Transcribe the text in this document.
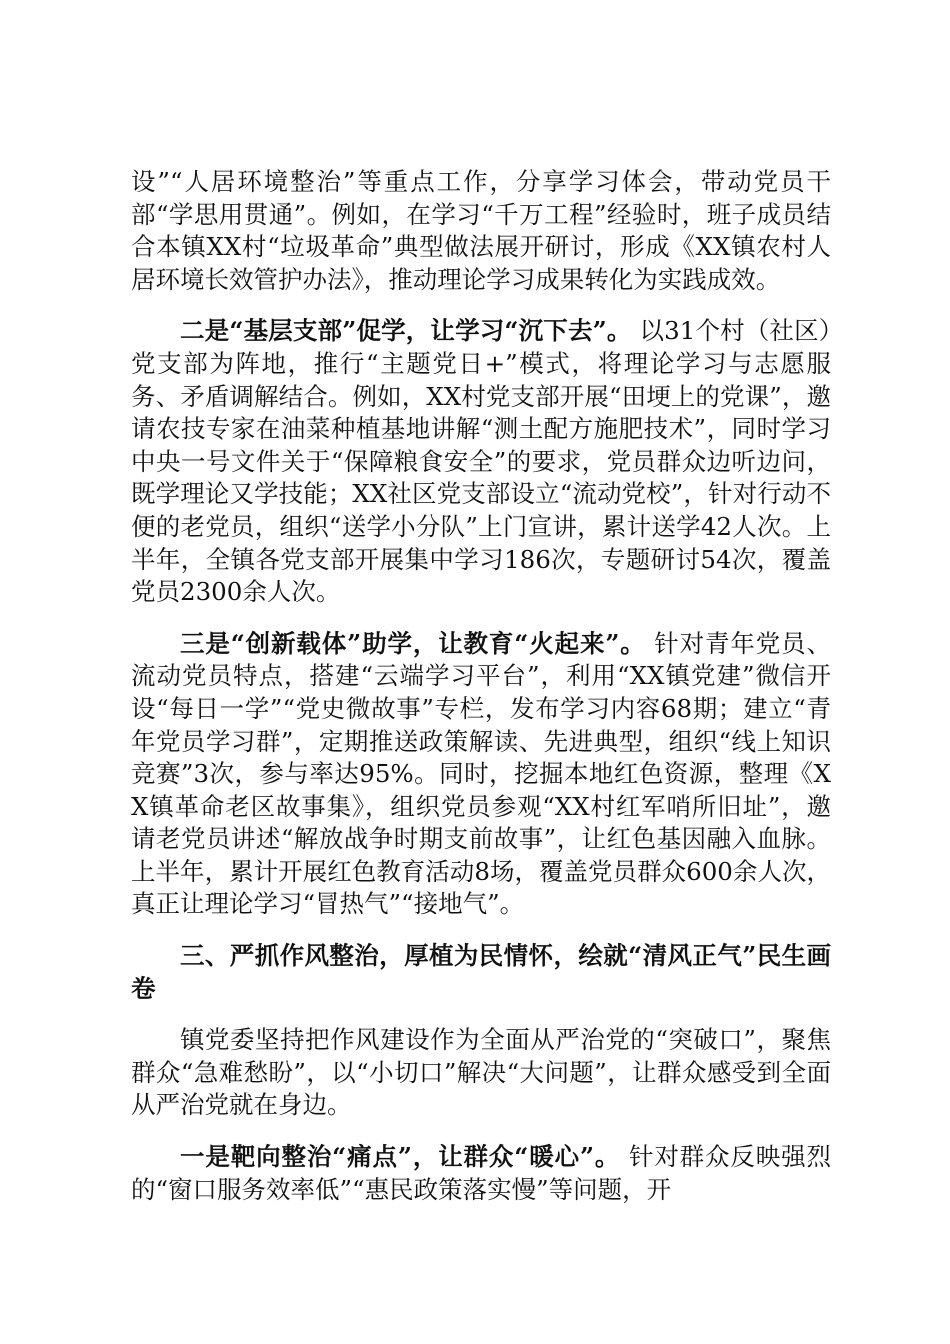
设”“人居环境整治”等重点工作，分享学习体会，带动党员干部“学思用贯通”。例如，在学习“千万工程”经验时，班子成员结合本镇XX村“垃圾革命”典型做法展开研讨，形成《XX镇农村人居环境长效管护办法》，推动理论学习成果转化为实践成效。

二是“基层支部”促学，让学习“沉下去”。 以31个村（社区）党支部为阵地，推行“主题党日+”模式，将理论学习与志愿服务、矛盾调解结合。例如，XX村党支部开展“田埂上的党课”，邀请农技专家在油菜种植基地讲解“测土配方施肥技术”，同时学习中央一号文件关于“保障粮食安全”的要求，党员群众边听边问，既学理论又学技能；XX社区党支部设立“流动党校”，针对行动不便的老党员，组织“送学小分队”上门宣讲，累计送学42人次。上半年，全镇各党支部开展集中学习186次，专题研讨54次，覆盖党员2300余人次。

三是“创新载体”助学，让教育“火起来”。 针对青年党员、流动党员特点，搭建“云端学习平台”，利用“XX镇党建”微信开设“每日一学”“党史微故事”专栏，发布学习内容68期；建立“青年党员学习群”，定期推送政策解读、先进典型，组织“线上知识竞赛”3次，参与率达95%。同时，挖掘本地红色资源，整理《XX镇革命老区故事集》，组织党员参观“XX村红军哨所旧址”，邀请老党员讲述“解放战争时期支前故事”，让红色基因融入血脉。上半年，累计开展红色教育活动8场，覆盖党员群众600余人次，真正让理论学习“冒热气”“接地气”。

三、严抓作风整治，厚植为民情怀，绘就“清风正气”民生画卷

镇党委坚持把作风建设作为全面从严治党的“突破口”，聚焦群众“急难愁盼”，以“小切口”解决“大问题”，让群众感受到全面从严治党就在身边。

一是靶向整治“痛点”，让群众“暖心”。 针对群众反映强烈的“窗口服务效率低”“惠民政策落实慢”等问题，开
